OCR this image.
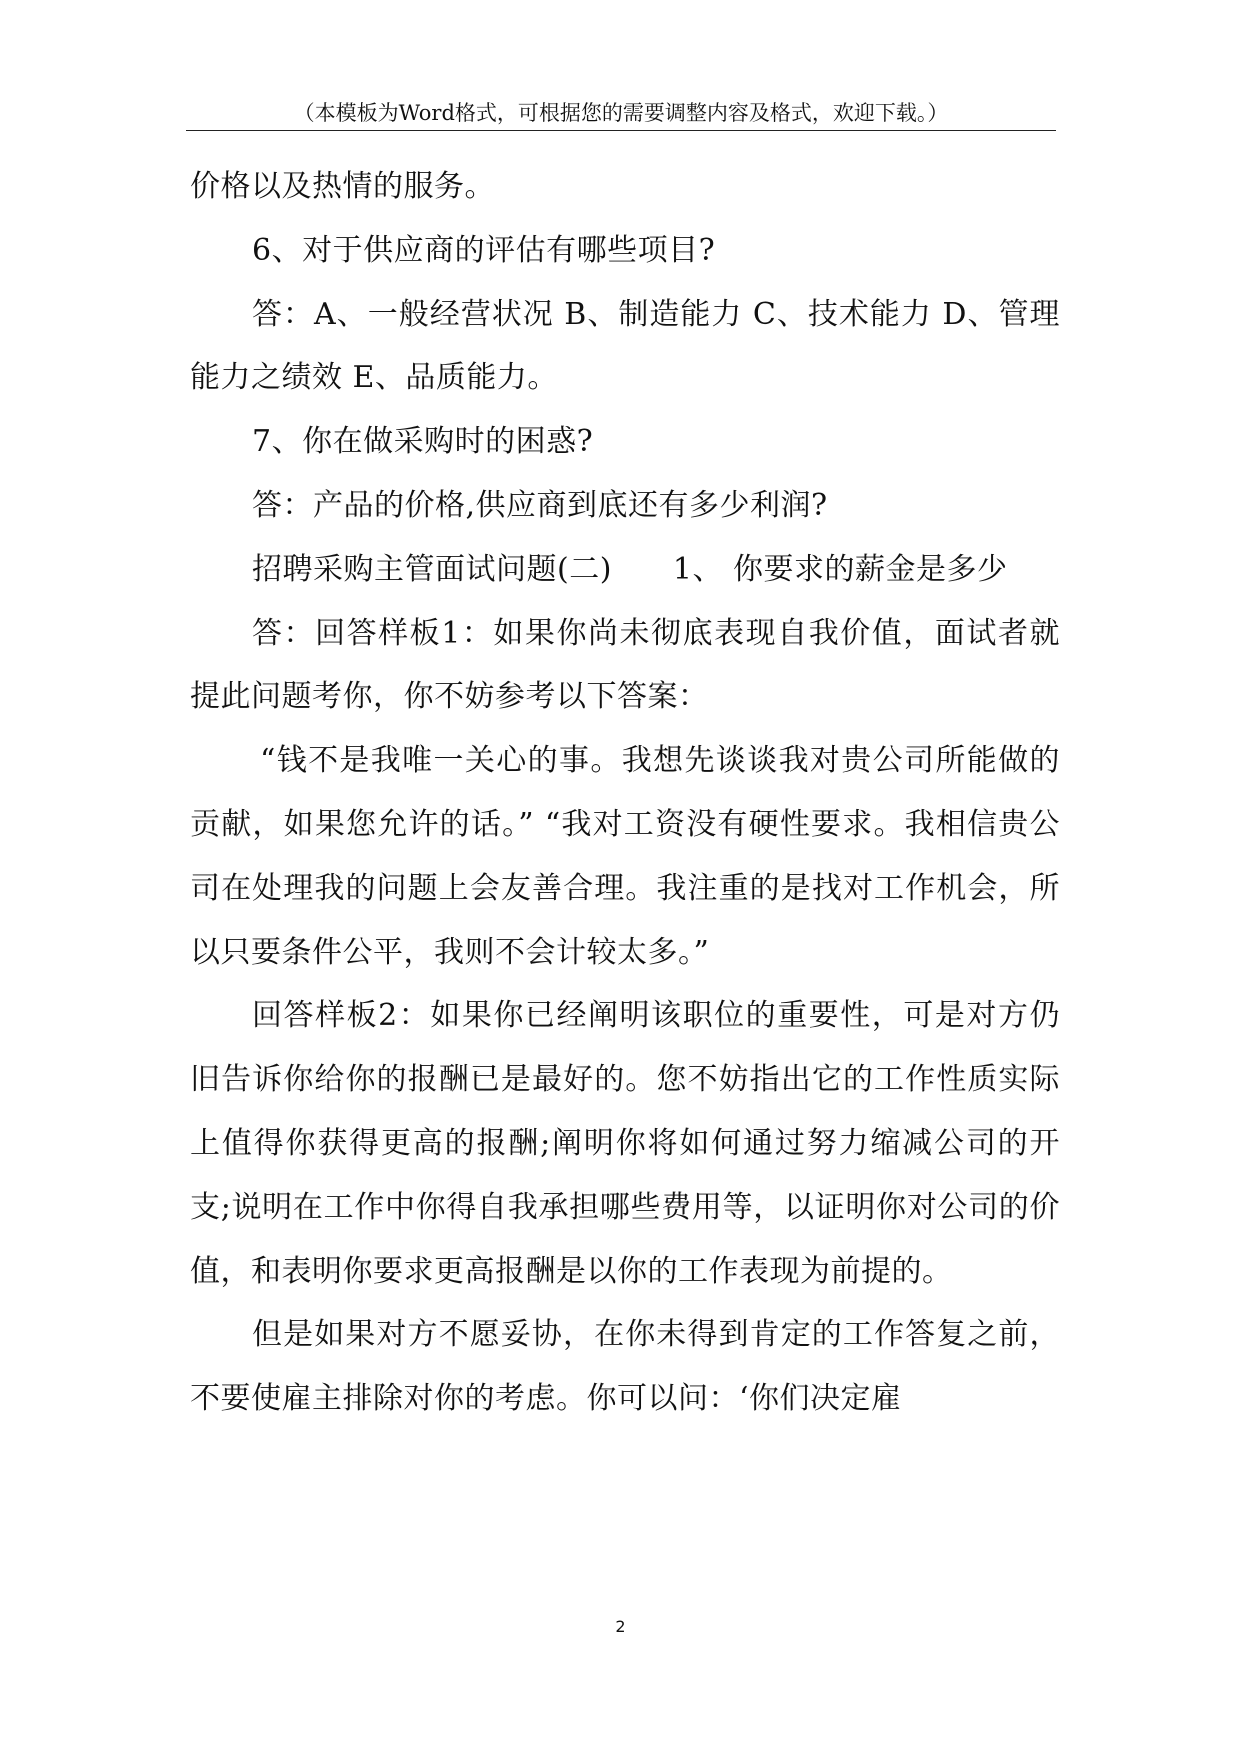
（本模板为Word格式，可根据您的需要调整内容及格式，欢迎下载。）

价格以及热情的服务。

6、对于供应商的评估有哪些项目?

答：A、一般经营状况 B、制造能力 C、技术能力 D、管理能力之绩效 E、品质能力。

7、你在做采购时的困惑?

答：产品的价格,供应商到底还有多少利润?

招聘采购主管面试问题(二)　　1、 你要求的薪金是多少

答：回答样板1：如果你尚未彻底表现自我价值，面试者就提此问题考你，你不妨参考以下答案：

“钱不是我唯一关心的事。我想先谈谈我对贵公司所能做的贡献，如果您允许的话。” “我对工资没有硬性要求。我相信贵公司在处理我的问题上会友善合理。我注重的是找对工作机会，所以只要条件公平，我则不会计较太多。”

回答样板2：如果你已经阐明该职位的重要性，可是对方仍旧告诉你给你的报酬已是最好的。您不妨指出它的工作性质实际上值得你获得更高的报酬;阐明你将如何通过努力缩减公司的开支;说明在工作中你得自我承担哪些费用等，以证明你对公司的价值，和表明你要求更高报酬是以你的工作表现为前提的。

但是如果对方不愿妥协，在你未得到肯定的工作答复之前，不要使雇主排除对你的考虑。你可以问：‘你们决定雇

2
